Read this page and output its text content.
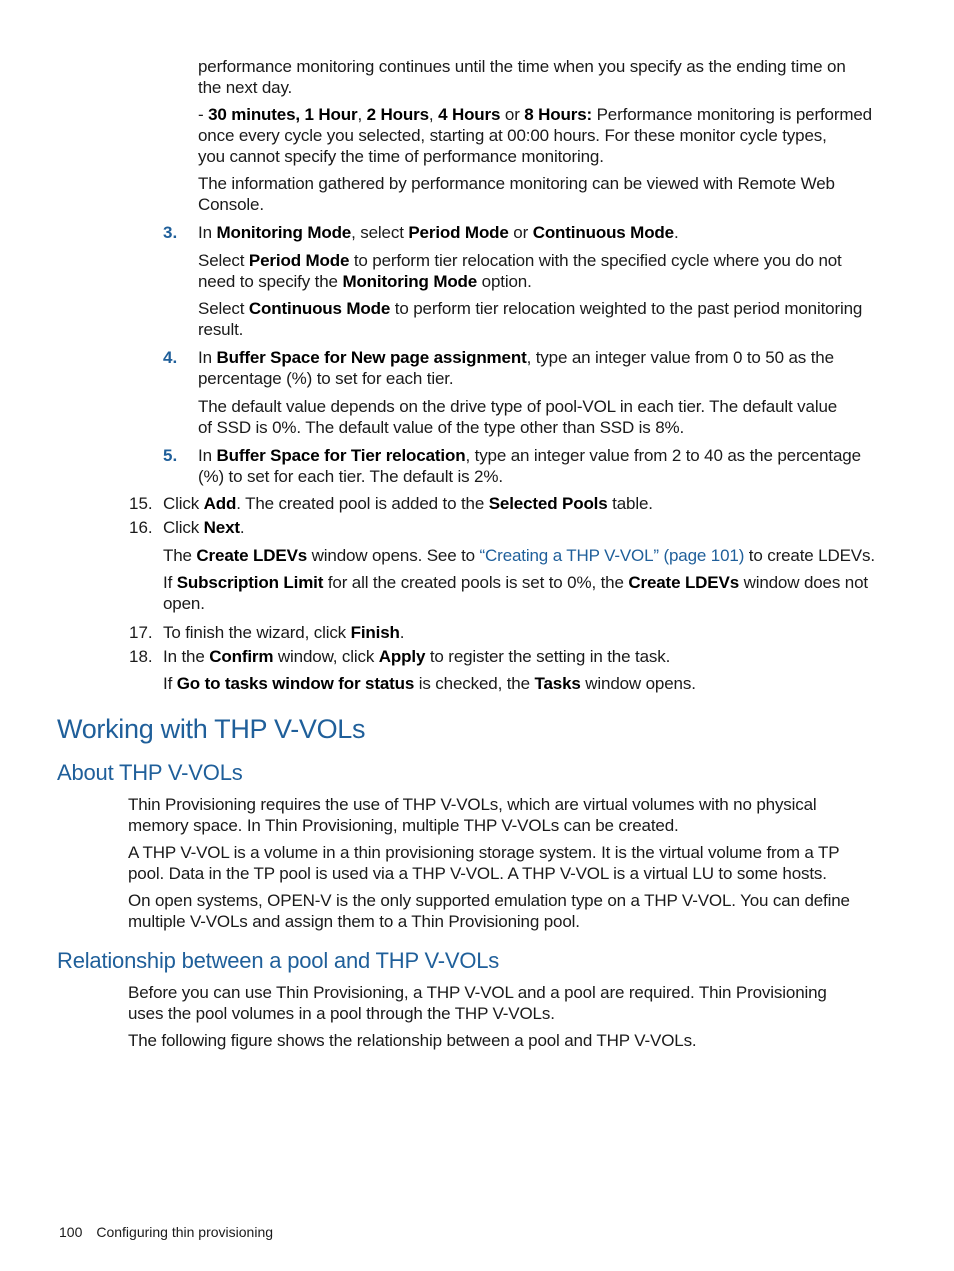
performance monitoring continues until the time when you specify as the ending time on

the next day.

- 30 minutes, 1 Hour, 2 Hours, 4 Hours or 8 Hours: Performance monitoring is performed

once every cycle you selected, starting at 00:00 hours. For these monitor cycle types,

you cannot specify the time of performance monitoring.

The information gathered by performance monitoring can be viewed with Remote Web

Console.

3. In Monitoring Mode, select Period Mode or Continuous Mode.

Select Period Mode to perform tier relocation with the specified cycle where you do not

need to specify the Monitoring Mode option.

Select Continuous Mode to perform tier relocation weighted to the past period monitoring

result.

4. In Buffer Space for New page assignment, type an integer value from 0 to 50 as the

percentage (%) to set for each tier.

The default value depends on the drive type of pool-VOL in each tier. The default value

of SSD is 0%. The default value of the type other than SSD is 8%.

5. In Buffer Space for Tier relocation, type an integer value from 2 to 40 as the percentage

(%) to set for each tier. The default is 2%.

15. Click Add. The created pool is added to the Selected Pools table.

16. Click Next.

The Create LDEVs window opens. See to “Creating a THP V-VOL” (page 101) to create LDEVs.

If Subscription Limit for all the created pools is set to 0%, the Create LDEVs window does not

open.

17. To finish the wizard, click Finish.

18. In the Confirm window, click Apply to register the setting in the task.

If Go to tasks window for status is checked, the Tasks window opens.

Working with THP V-VOLs
About THP V-VOLs

Thin Provisioning requires the use of THP V-VOLs, which are virtual volumes with no physical

memory space. In Thin Provisioning, multiple THP V-VOLs can be created.

A THP V-VOL is a volume in a thin provisioning storage system. It is the virtual volume from a TP

pool. Data in the TP pool is used via a THP V-VOL. A THP V-VOL is a virtual LU to some hosts.

On open systems, OPEN-V is the only supported emulation type on a THP V-VOL. You can define

multiple V-VOLs and assign them to a Thin Provisioning pool.

Relationship between a pool and THP V-VOLs

Before you can use Thin Provisioning, a THP V-VOL and a pool are required. Thin Provisioning

uses the pool volumes in a pool through the THP V-VOLs.

The following figure shows the relationship between a pool and THP V-VOLs.

100 Configuring thin provisioning
